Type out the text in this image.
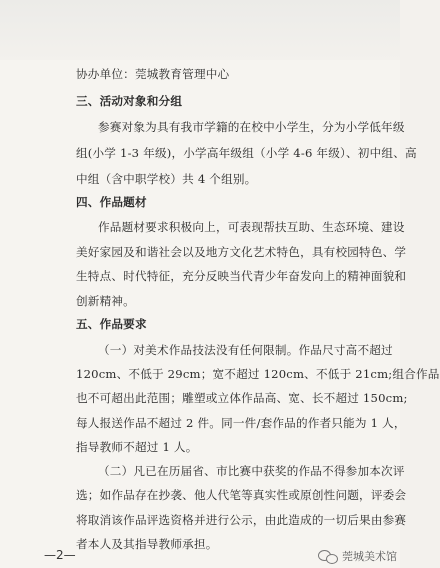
协办单位：莞城教育管理中心
三、活动对象和分组
参赛对象为具有我市学籍的在校中小学生，分为小学低年级
组(小学 1-3 年级)，小学高年级组（小学 4-6 年级）、初中组、高
中组（含中职学校）共 4 个组别。
四、作品题材
作品题材要求积极向上，可表现帮扶互助、生态环境、建设
美好家园及和谐社会以及地方文化艺术特色，具有校园特色、学
生特点、时代特征，充分反映当代青少年奋发向上的精神面貌和
创新精神。
五、作品要求
（一）对美术作品技法没有任何限制。作品尺寸高不超过
120cm、不低于 29cm；宽不超过 120cm、不低于 21cm;组合作品
也不可超出此范围；雕塑或立体作品高、宽、长不超过 150cm;
每人报送作品不超过 2 件。同一件/套作品的作者只能为 1 人，
指导教师不超过 1 人。
（二）凡已在历届省、市比赛中获奖的作品不得参加本次评
选；如作品存在抄袭、他人代笔等真实性或原创性问题，评委会
将取消该作品评选资格并进行公示，由此造成的一切后果由参赛
者本人及其指导教师承担。
—2—	莞城美术馆
